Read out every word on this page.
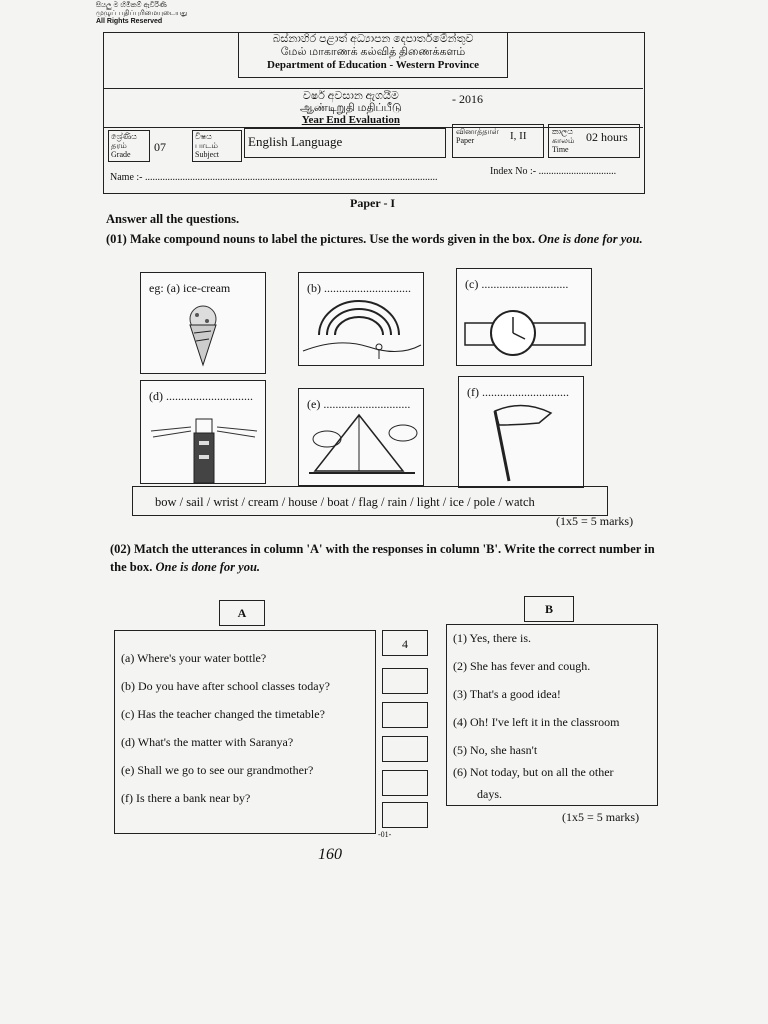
සියලු ම හිමිකම් ඇවිරිණි
முழுப் பதிப்புரிமையுடையது
All Rights Reserved
බස්නාහිර පළාත් අධ්‍යාපන දෙපාර්තමේන්තුව
மேல் மாகாணக் கல்வித் திணைக்களம்
Department of Education - Western Province
වර්ෂ අවසාන ඇගයීම
ஆண்டிறுதி மதிப்பீடு
Year End Evaluation
- 2016
ශ්‍රේණිය
தரம்
Grade
07
විෂය
பாடம்
Subject
English Language
வினாத்தாள்
Paper	I, II	කාලය
காலம்
Time
02 hours
Name :- .....................................................................................................................
Index No :- ...............................
Paper - I
Answer all the questions.
(01) Make compound nouns to label the pictures. Use the words given in the box. One is done for you.
eg: (a) ice-cream	(b) .............................	(c) .............................
(d) .............................
(e) .............................
(f) .............................
bow / sail / wrist / cream / house / boat / flag / rain / light / ice / pole / watch
(1x5 = 5 marks)
(02) Match the utterances in column 'A' with the responses in column 'B'. Write the correct number in the box. One is done for you.
A	B
(a) Where's your water bottle?
(b) Do you have after school classes today?
(c) Has the teacher changed the timetable?
(d) What's the matter with Saranya?
(e) Shall we go to see our grandmother?
(f) Is there a bank near by?
4	(1) Yes, there is.
(2) She has fever and cough.
(3) That's a good idea!
(4) Oh! I've left it in the classroom
(5) No, she hasn't
(6) Not today, but on all the other
days.
(1x5 = 5 marks)
-01-
160
